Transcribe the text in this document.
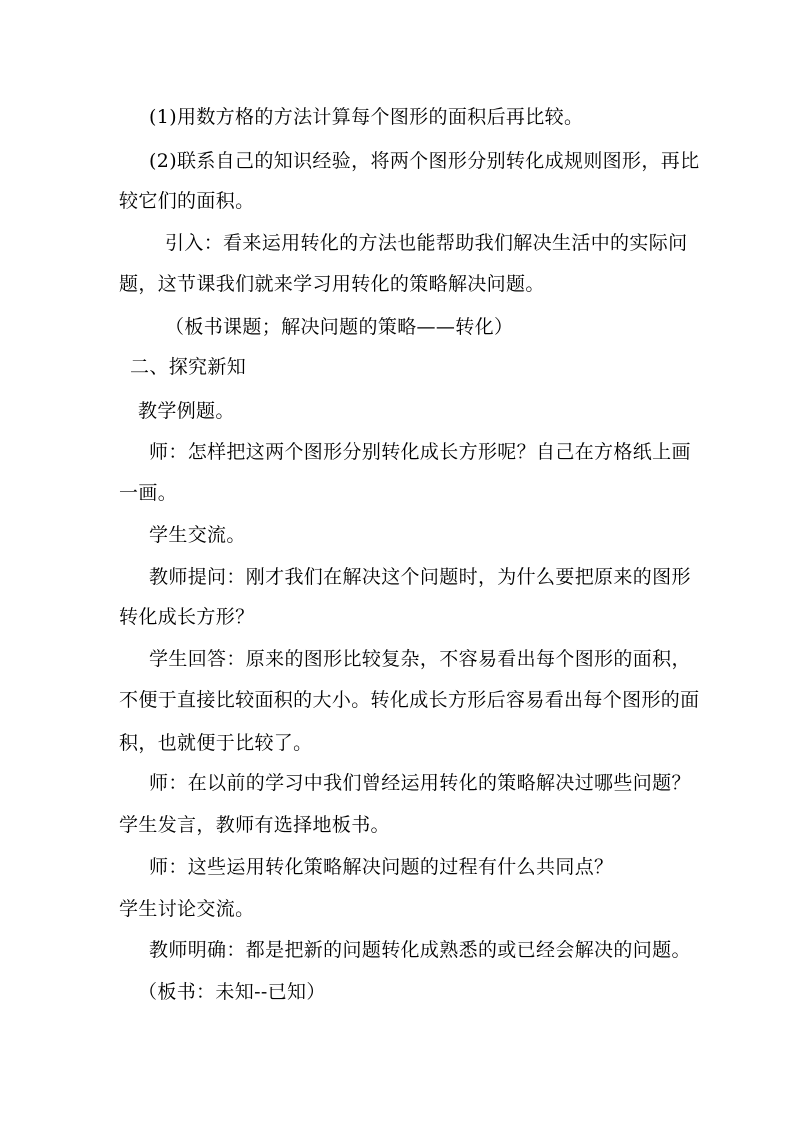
(1)用数方格的方法计算每个图形的面积后再比较。
(2)联系自己的知识经验，将两个图形分别转化成规则图形，再比
较它们的面积。
引入：看来运用转化的方法也能帮助我们解决生活中的实际问
题，这节课我们就来学习用转化的策略解决问题。
（板书课题；解决问题的策略——转化）
二、探究新知
教学例题。
师：怎样把这两个图形分别转化成长方形呢？自己在方格纸上画
一画。
学生交流。
教师提问：刚才我们在解决这个问题时，为什么要把原来的图形
转化成长方形？
学生回答：原来的图形比较复杂，不容易看出每个图形的面积，
不便于直接比较面积的大小。转化成长方形后容易看出每个图形的面
积，也就便于比较了。
师：在以前的学习中我们曾经运用转化的策略解决过哪些问题？
学生发言，教师有选择地板书。
师：这些运用转化策略解决问题的过程有什么共同点？
学生讨论交流。
教师明确：都是把新的问题转化成熟悉的或已经会解决的问题。
（板书：未知--已知）
